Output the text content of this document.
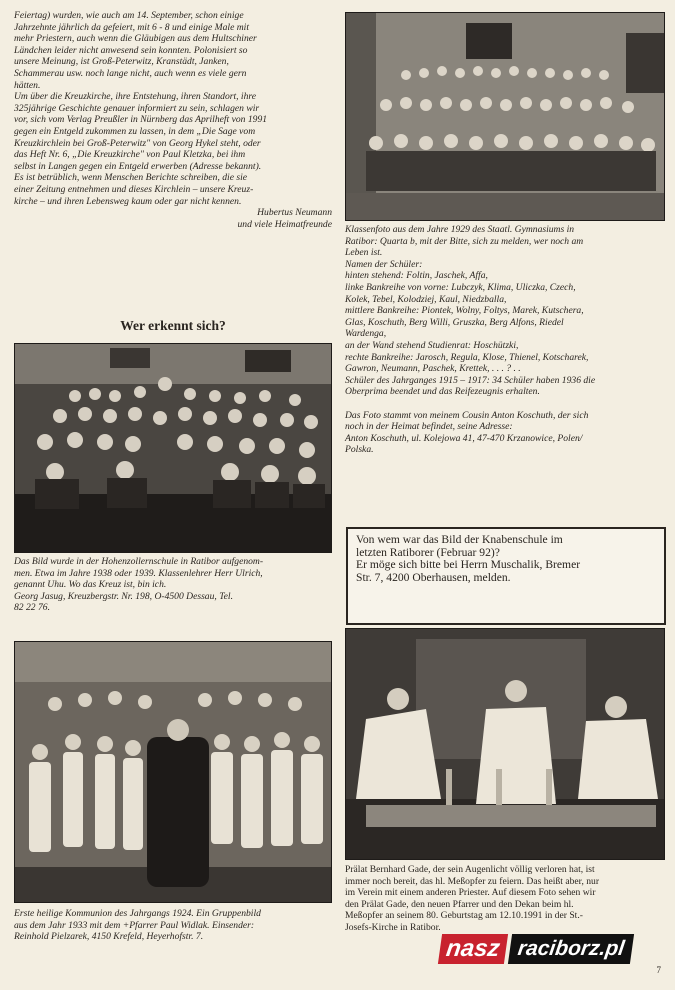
Feiertag) wurden, wie auch am 14. September, schon einige

Jahrzehnte jährlich da gefeiert, mit 6 - 8 und einige Male mit

mehr Priestern, auch wenn die Gläubigen aus dem Hultschiner

Ländchen leider nicht anwesend sein konnten. Polonisiert so

unsere Meinung, ist Groß-Peterwitz, Kranstädt, Janken,

Schammerau usw. noch lange nicht, auch wenn es viele gern

hätten.

Um über die Kreuzkirche, ihre Entstehung, ihren Standort, ihre

325jährige Geschichte genauer informiert zu sein, schlagen wir

vor, sich vom Verlag Preußler in Nürnberg das Aprilheft von 1991

gegen ein Entgeld zukommen zu lassen, in dem „Die Sage vom

Kreuzkirchlein bei Groß-Peterwitz" von Georg Hykel steht, oder

das Heft Nr. 6, „Die Kreuzkirche" von Paul Kletzka, bei ihm

selbst in Langen gegen ein Entgeld erwerben (Adresse bekannt).

Es ist betrüblich, wenn Menschen Berichte schreiben, die sie

einer Zeitung entnehmen und dieses Kirchlein – unsere Kreuz-

kirche – und ihren Lebensweg kaum oder gar nicht kennen.

Hubertus Neumann
und viele Heimatfreunde
Wer erkennt sich?

Das Bild wurde in der Hohenzollernschule in Ratibor aufgenom-

men. Etwa im Jahre 1938 oder 1939. Klassenlehrer Herr Ulrich,

genannt Uhu. Wo das Kreuz ist, bin ich.

Georg Jasug, Kreuzbergstr. Nr. 198, O-4500 Dessau, Tel.

82 22 76.

Erste heilige Kommunion des Jahrgangs 1924. Ein Gruppenbild

aus dem Jahr 1933 mit dem +Pfarrer Paul Widlak. Einsender:

Reinhold Pielzarek, 4150 Krefeld, Heyerhofstr. 7.

Klassenfoto aus dem Jahre 1929 des Staatl. Gymnasiums in

Ratibor: Quarta b, mit der Bitte, sich zu melden, wer noch am

Leben ist.

Namen der Schüler:

hinten stehend: Foltin, Jaschek, Affa,

linke Bankreihe von vorne: Lubczyk, Klima, Uliczka, Czech,

Kolek, Tebel, Kolodziej, Kaul, Niedzballa,

mittlere Bankreihe: Piontek, Wolny, Foltys, Marek, Kutschera,

Glas, Koschuth, Berg Willi, Gruszka, Berg Alfons, Riedel

Wardenga,

an der Wand stehend Studienrat: Hoschützki,

rechte Bankreihe: Jarosch, Regula, Klose, Thienel, Kotscharek,

Gawron, Neumann, Paschek, Krettek, . . . ? . .

Schüler des Jahrganges 1915 – 1917: 34 Schüler haben 1936 die

Oberprima beendet und das Reifezeugnis erhalten.

Das Foto stammt von meinem Cousin Anton Koschuth, der sich

noch in der Heimat befindet, seine Adresse:

Anton Koschuth, ul. Kolejowa 41, 47-470 Krzanowice, Polen/

Polska.

Von wem war das Bild der Knabenschule im

letzten Ratiborer (Februar 92)?

Er möge sich bitte bei Herrn Muschalik, Bremer

Str. 7, 4200 Oberhausen, melden.

Prälat Bernhard Gade, der sein Augenlicht völlig verloren hat, ist

immer noch bereit, das hl. Meßopfer zu feiern. Das heißt aber, nur

im Verein mit einem anderen Priester. Auf diesem Foto sehen wir

den Prälat Gade, den neuen Pfarrer und den Dekan beim hl.

Meßopfer an seinem 80. Geburtstag am 12.10.1991 in der St.-

Josefs-Kirche in Ratibor.

nasz raciborz.pl
7
